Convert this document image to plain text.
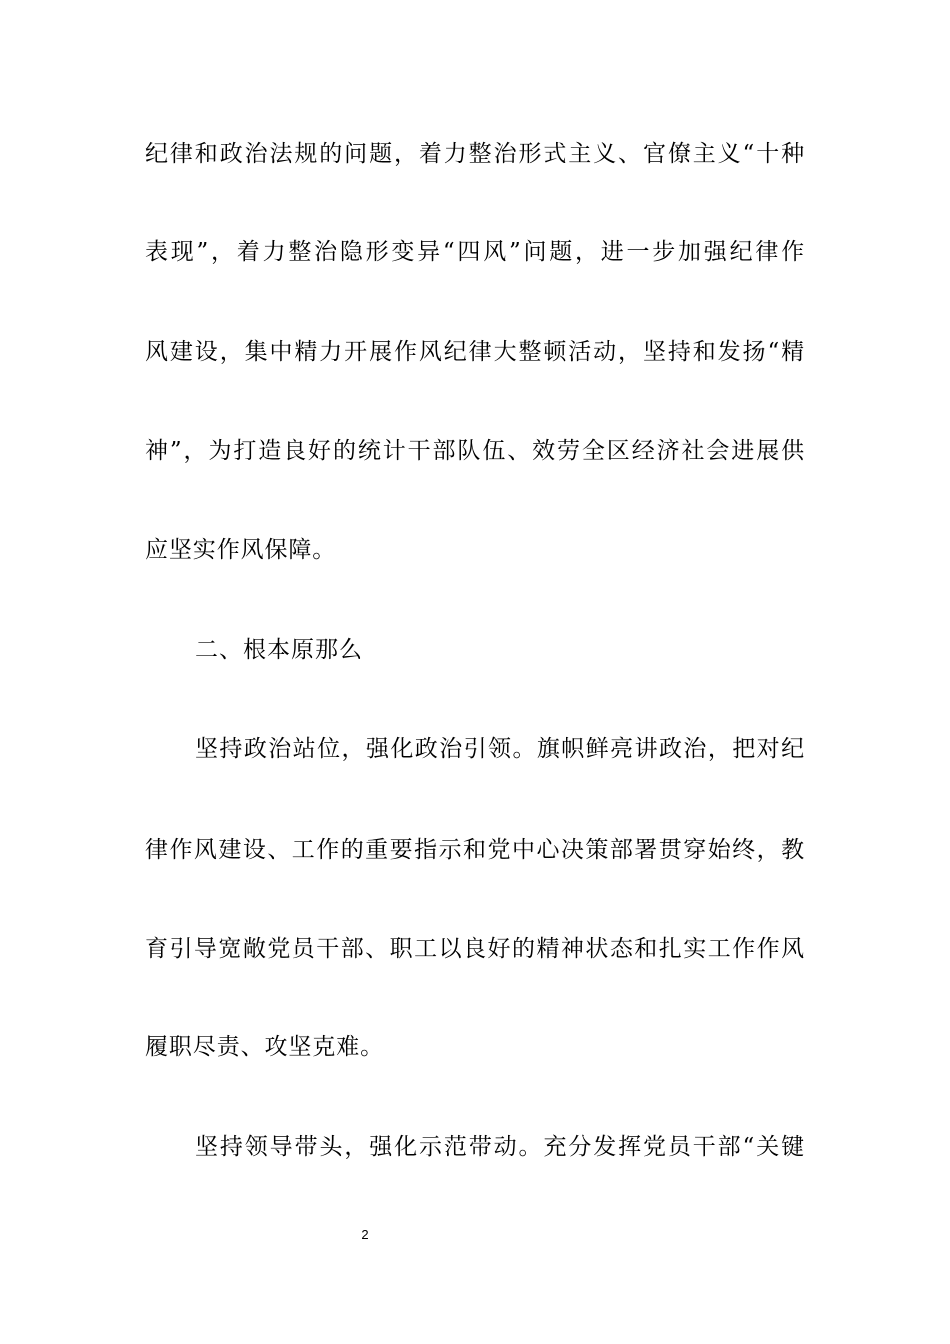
纪律和政治法规的问题，着力整治形式主义、官僚主义“十种
表现”，着力整治隐形变异“四风”问题，进一步加强纪律作
风建设，集中精力开展作风纪律大整顿活动，坚持和发扬“精
神”，为打造良好的统计干部队伍、效劳全区经济社会进展供
应坚实作风保障。
二、根本原那么
坚持政治站位，强化政治引领。旗帜鲜亮讲政治，把对纪
律作风建设、工作的重要指示和党中心决策部署贯穿始终，教
育引导宽敞党员干部、职工以良好的精神状态和扎实工作作风
履职尽责、攻坚克难。
坚持领导带头，强化示范带动。充分发挥党员干部“关键
2
